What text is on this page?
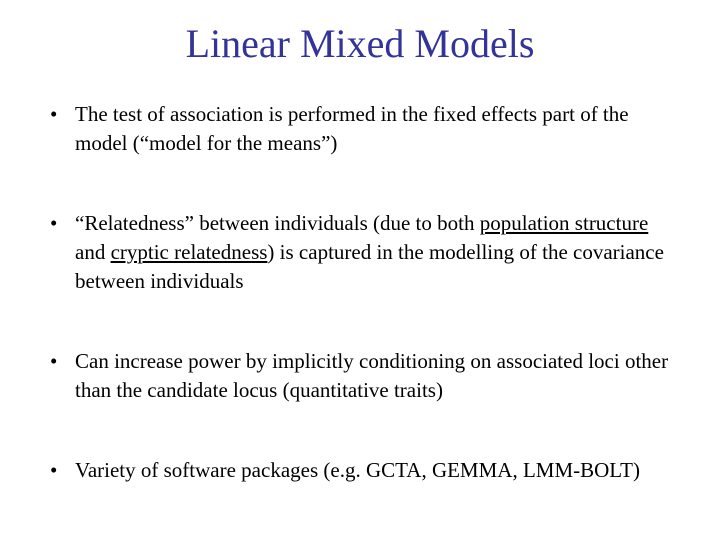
Linear Mixed Models
• The test of association is performed in the fixed effects part of the model (“model for the means”)
• “Relatedness” between individuals (due to both population structure and cryptic relatedness) is captured in the modelling of the covariance between individuals
• Can increase power by implicitly conditioning on associated loci other than the candidate locus (quantitative traits)
• Variety of software packages (e.g. GCTA, GEMMA, LMM-BOLT)
